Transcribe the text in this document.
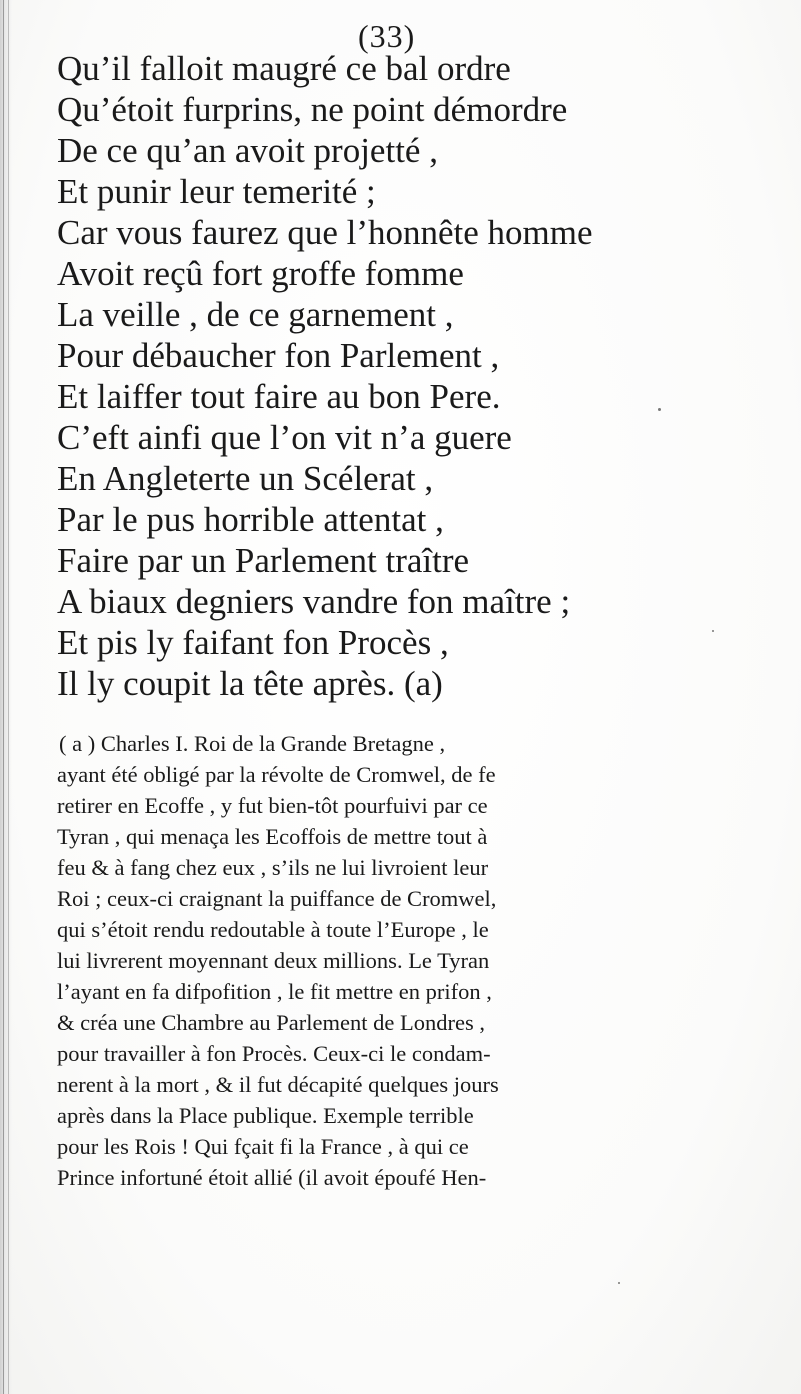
(33)
Qu’il falloit maugré ce bal ordre
Qu’étoit furprins, ne point démordre
De ce qu’an avoit projetté ,
Et punir leur temerité ;
Car vous faurez que l’honnête homme
Avoit reçû fort groffe fomme
La veille , de ce garnement ,
Pour débaucher fon Parlement ,
Et laiffer tout faire au bon Pere.
C’eft ainfi que l’on vit n’a guere
En Angleterte un Scélerat ,
Par le pus horrible attentat ,
Faire par un Parlement traître
A biaux degniers vandre fon maître ;
Et pis ly faifant fon Procès ,
Il ly coupit la tête après. (a)
( a ) Charles I. Roi de la Grande Bretagne ,
ayant été obligé par la révolte de Cromwel, de fe
retirer en Ecoffe , y fut bien-tôt pourfuivi par ce
Tyran , qui menaça les Ecoffois de mettre tout à
feu & à fang chez eux , s’ils ne lui livroient leur
Roi ; ceux-ci craignant la puiffance de Cromwel,
qui s’étoit rendu redoutable à toute l’Europe , le
lui livrerent moyennant deux millions. Le Tyran
l’ayant en fa difpofition , le fit mettre en prifon ,
& créa une Chambre au Parlement de Londres ,
pour travailler à fon Procès. Ceux-ci le condam-
nerent à la mort , & il fut décapité quelques jours
après dans la Place publique. Exemple terrible
pour les Rois ! Qui fçait fi la France , à qui ce
Prince infortuné étoit allié (il avoit époufé Hen-
